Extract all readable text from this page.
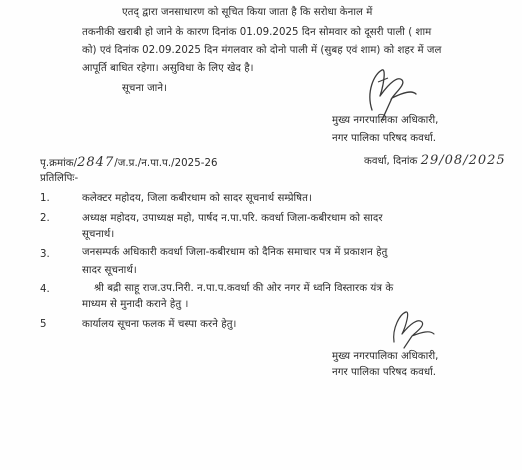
एतद् द्वारा जनसाधारण को सूचित किया जाता है कि सरोधा केनाल में
तकनीकी खराबी हो जाने के कारण दिनांक 01.09.2025 दिन सोमवार को दूसरी पाली ( शाम
को) एवं दिनांक 02.09.2025 दिन मंगलवार को दोनो पाली में (सुबह एवं शाम) को शहर में जल
आपूर्ति बाधित रहेगा। असुविधा के लिए खेद है।
सूचना जाने।
मुख्य नगरपालिका अधिकारी,
नगर पालिका परिषद कवर्धा.
पृ.क्रमांक/2847/ज.प्र./न.पा.प./2025-26	कवर्धा, दिनांक 29/08/2025
प्रतिलिपिः-
1.	कलेक्टर महोदय, जिला कबीरधाम को सादर सूचनार्थ सम्प्रेषित।
2.	अध्यक्ष महोदय, उपाध्यक्ष महो, पार्षद न.पा.परि. कवर्धा जिला-कबीरधाम को सादर
सूचनार्थ।
3.	जनसम्पर्क अधिकारी कवर्धा जिला-कबीरधाम को दैनिक समाचार पत्र में प्रकाशन हेतु
सादर सूचनार्थ।
4.	श्री बद्री साहू राज.उप.निरी. न.पा.प.कवर्धा की ओर नगर में ध्वनि विस्तारक यंत्र के
माध्यम से मुनादी कराने हेतु ।
5	कार्यालय सूचना फलक में चस्पा करने हेतु।
मुख्य नगरपालिका अधिकारी,
नगर पालिका परिषद कवर्धा.
